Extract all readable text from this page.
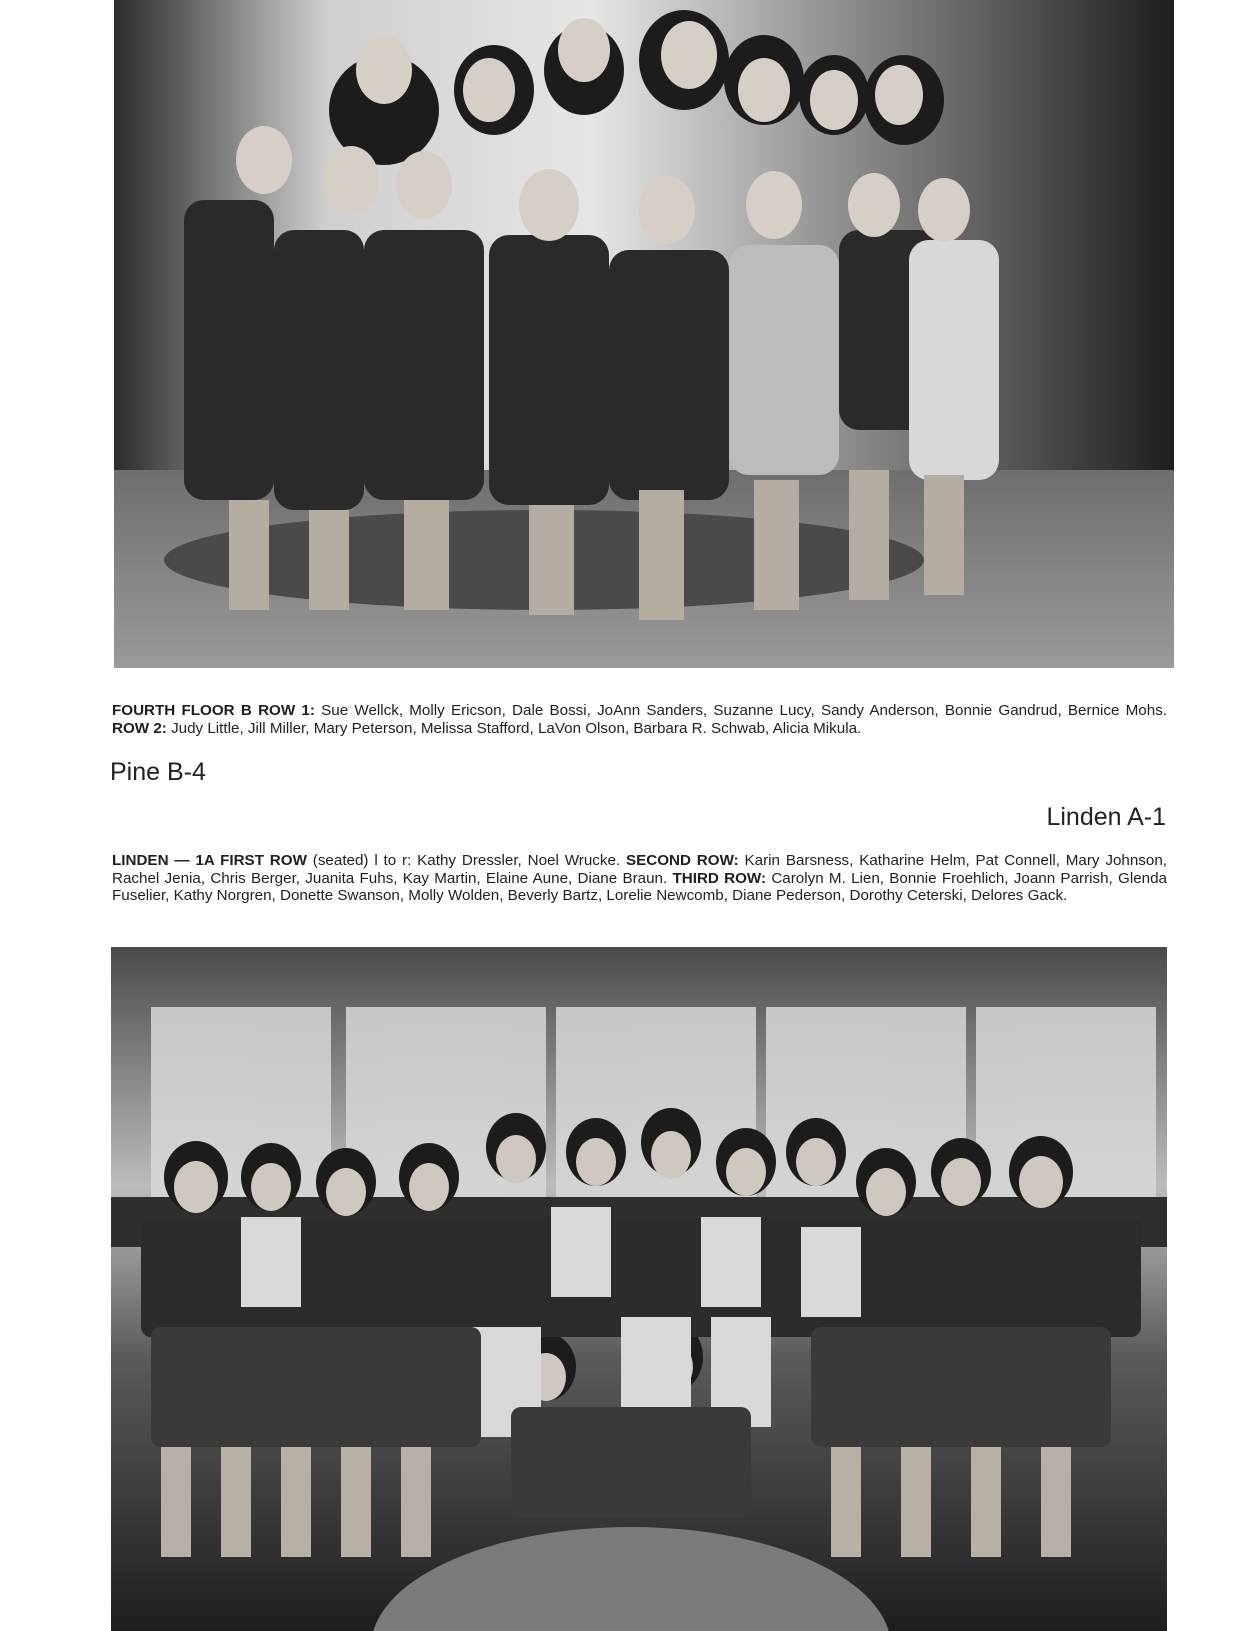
FOURTH FLOOR B ROW 1: Sue Wellck, Molly Ericson, Dale Bossi, JoAnn Sanders, Suzanne Lucy, Sandy Anderson, Bonnie Gandrud, Bernice Mohs. ROW 2: Judy Little, Jill Miller, Mary Peterson, Melissa Stafford, LaVon Olson, Barbara R. Schwab, Alicia Mikula.
Pine B-4
Linden A-1
LINDEN — 1A FIRST ROW (seated) l to r: Kathy Dressler, Noel Wrucke. SECOND ROW: Karin Barsness, Katharine Helm, Pat Connell, Mary Johnson, Rachel Jenia, Chris Berger, Juanita Fuhs, Kay Martin, Elaine Aune, Diane Braun. THIRD ROW: Carolyn M. Lien, Bonnie Froehlich, Joann Parrish, Glenda Fuselier, Kathy Norgren, Donette Swanson, Molly Wolden, Beverly Bartz, Lorelie Newcomb, Diane Pederson, Dorothy Ceterski, Delores Gack.
